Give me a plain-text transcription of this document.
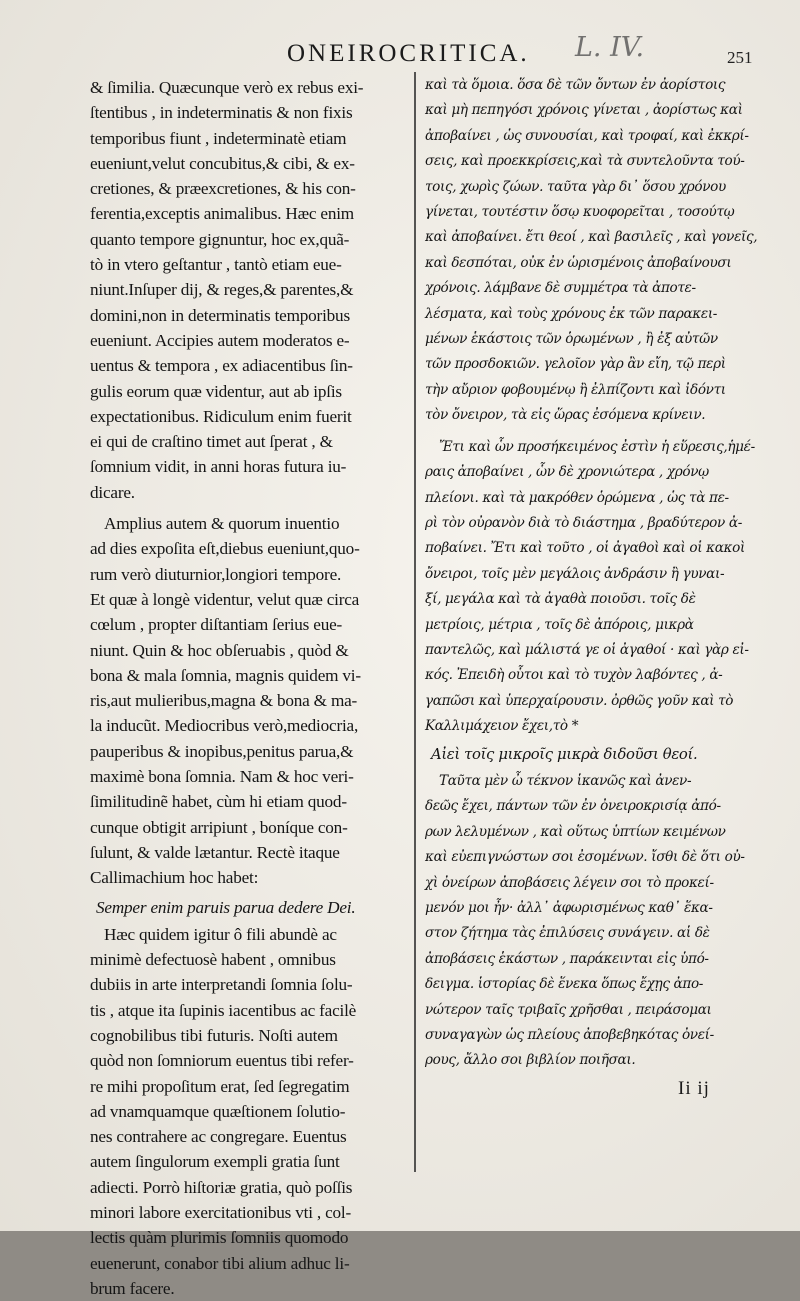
ONEIROCRITICA. L. IV.	251

& ſimilia. Quæcunque verò ex rebus exi-

ſtentibus , in indeterminatis & non fixis

temporibus fiunt , indeterminatè etiam

eueniunt,velut concubitus,& cibi, & ex-

cretiones, & præexcretiones, & his con-

ferentia,exceptis animalibus. Hæc enim

quanto tempore gignuntur, hoc ex,quã-

tò in vtero geſtantur , tantò etiam eue-

niunt.Inſuper dij, & reges,& parentes,&

domini,non in determinatis temporibus

eueniunt. Accipies autem moderatos e-

uentus & tempora , ex adiacentibus ſin-

gulis eorum quæ videntur, aut ab ipſis

expectationibus. Ridiculum enim fuerit

ei qui de craſtino timet aut ſperat , &

ſomnium vidit, in anni horas futura iu-

dicare.

Amplius autem & quorum inuentio

ad dies expoſita eſt,diebus eueniunt,quo-

rum verò diuturnior,longiori tempore.

Et quæ à longè videntur, velut quæ circa

cœlum , propter diſtantiam ſerius eue-

niunt. Quin & hoc obſeruabis , quòd &

bona & mala ſomnia, magnis quidem vi-

ris,aut mulieribus,magna & bona & ma-

la inducũt. Mediocribus verò,mediocria,

pauperibus & inopibus,penitus parua,&

maximè bona ſomnia. Nam & hoc veri-

ſimilitudinẽ habet, cùm hi etiam quod-

cunque obtigit arripiunt , boníque con-

ſulunt, & valde lætantur. Rectè itaque

Callimachium hoc habet:

Semper enim paruis parua dedere Dei.

Hæc quidem igitur ô fili abundè ac

minimè defectuosè habent , omnibus

dubiis in arte interpretandi ſomnia ſolu-

tis , atque ita ſupinis iacentibus ac facilè

cognobilibus tibi futuris. Noſti autem

quòd non ſomniorum euentus tibi refer-

re mihi propoſitum erat, ſed ſegregatim

ad vnamquamque quæſtionem ſolutio-

nes contrahere ac congregare. Euentus

autem ſingulorum exempli gratia ſunt

adiecti. Porrò hiſtoriæ gratia, quò poſſis

minori labore exercitationibus vti , col-

lectis quàm plurimis ſomniis quomodo

euenerunt, conabor tibi alium adhuc li-

brum facere.

καὶ τὰ ὅμοια. ὅσα δὲ τῶν ὄντων ἐν ἀορίστοις

καὶ μὴ πεπηγόσι χρόνοις γίνεται , ἀορίστως καὶ

ἀποβαίνει , ὡς συνουσίαι, καὶ τροφαί, καὶ ἐκκρί-

σεις, καὶ προεκκρίσεις,καὶ τὰ συντελοῦντα τού-

τοις, χωρὶς ζώων. ταῦτα γὰρ δι᾽ ὅσου χρόνου

γίνεται, τουτέστιν ὅσῳ κυοφορεῖται , τοσούτῳ

καὶ ἀποβαίνει. ἔτι θεοί , καὶ βασιλεῖς , καὶ γονεῖς,

καὶ δεσπόται, οὐκ ἐν ὡρισμένοις ἀποβαίνουσι

χρόνοις. λάμβανε δὲ συμμέτρα τὰ ἀποτε-

λέσματα, καὶ τοὺς χρόνους ἐκ τῶν παρακει-

μένων ἑκάστοις τῶν ὁρωμένων , ἢ ἐξ αὐτῶν

τῶν προσδοκιῶν. γελοῖον γὰρ ἂν εἴη, τῷ περὶ

τὴν αὔριον φοβουμένῳ ἢ ἐλπίζοντι καὶ ἰδόντι

τὸν ὄνειρον, τὰ εἰς ὥρας ἐσόμενα κρίνειν.

Ἔτι καὶ ὧν προσήκειμένος ἐστὶν ἡ εὕρεσις,ἡμέ-

ραις ἀποβαίνει , ὧν δὲ χρονιώτερα , χρόνῳ

πλείονι. καὶ τὰ μακρόθεν ὁρώμενα , ὡς τὰ πε-

ρὶ τὸν οὐρανὸν διὰ τὸ διάστημα , βραδύτερον ἀ-

ποβαίνει. Ἔτι καὶ τοῦτο , οἱ ἀγαθοὶ καὶ οἱ κακοὶ

ὄνειροι, τοῖς μὲν μεγάλοις ἀνδράσιν ἢ γυναι-

ξί, μεγάλα καὶ τὰ ἀγαθὰ ποιοῦσι. τοῖς δὲ

μετρίοις, μέτρια , τοῖς δὲ ἀπόροις, μικρὰ

παντελῶς, καὶ μάλιστά γε οἱ ἀγαθοί · καὶ γὰρ εἰ-

κός. Ἐπειδὴ οὗτοι καὶ τὸ τυχὸν λαβόντες , ἀ-

γαπῶσι καὶ ὑπερχαίρουσιν. ὀρθῶς γοῦν καὶ τὸ

Καλλιμάχειον ἔχει,τὸ *

Αἰεὶ τοῖς μικροῖς μικρὰ διδοῦσι θεοί.

Ταῦτα μὲν ὦ τέκνον ἱκανῶς καὶ ἀνεν-

δεῶς ἔχει, πάντων τῶν ἐν ὀνειροκρισίᾳ ἀπό-

ρων λελυμένων , καὶ οὕτως ὑπτίων κειμένων

καὶ εὐεπιγνώστων σοι ἐσομένων. ἴσθι δὲ ὅτι οὐ-

χὶ ὀνείρων ἀποβάσεις λέγειν σοι τὸ προκεί-

μενόν μοι ἦν· ἀλλ᾽ ἀφωρισμένως καθ᾽ ἕκα-

στον ζήτημα τὰς ἐπιλύσεις συνάγειν. αἱ δὲ

ἀποβάσεις ἑκάστων , παράκεινται εἰς ὑπό-

δειγμα. ἱστορίας δὲ ἕνεκα ὅπως ἔχῃς ἀπο-

νώτερον ταῖς τριβαῖς χρῆσθαι , πειράσομαι

συναγαγὼν ὡς πλείους ἀποβεβηκότας ὀνεί-

ρους, ἄλλο σοι βιβλίον ποιῆσαι.

Ii ij
